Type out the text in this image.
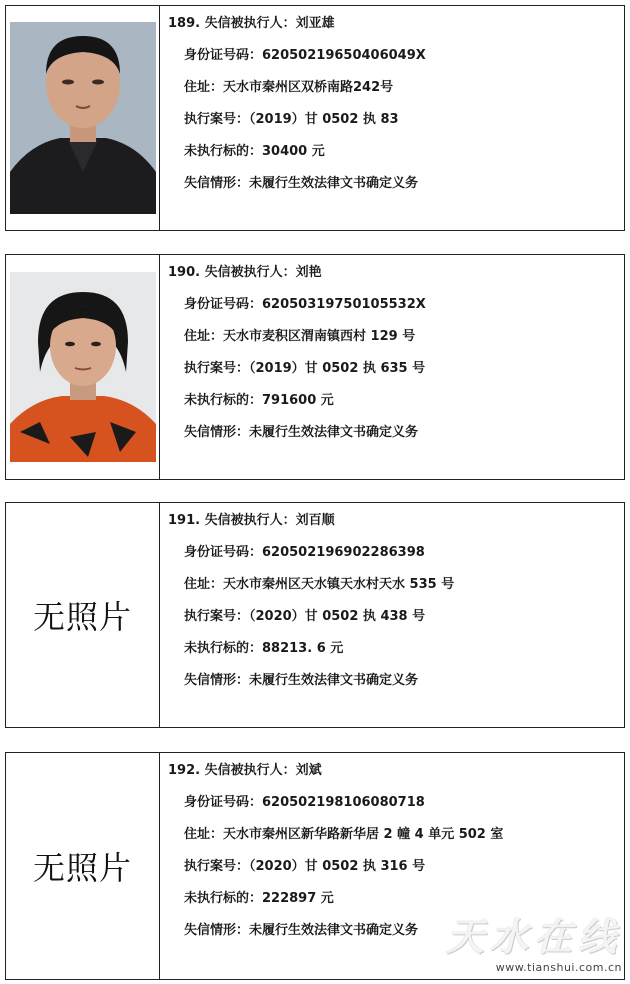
189. 失信被执行人：刘亚雄
身份证号码：620502196504060​49X
住址：天水市秦州区双桥南路242号
执行案号：（2019）甘 0502 执 83
未执行标的：30400 元
失信情形：未履行生效法律文书确定义务
190. 失信被执行人：刘艳
身份证号码：62050319750105532X
住址：天水市麦积区渭南镇西村 129 号
执行案号：（2019）甘 0502 执 635 号
未执行标的：791600 元
失信情形：未履行生效法律文书确定义务
无照片
191. 失信被执行人：刘百顺
身份证号码：620502196902286398
住址：天水市秦州区天水镇天水村天水 535 号
执行案号：（2020）甘 0502 执 438 号
未执行标的：88213. 6 元
失信情形：未履行生效法律文书确定义务
无照片
192. 失信被执行人：刘斌
身份证号码：620502198106080718
住址：天水市秦州区新华路新华居 2 幢 4 单元 502 室
执行案号：（2020）甘 0502 执 316 号
未执行标的：222897 元
失信情形：未履行生效法律文书确定义务 天水在线
www.tianshui.com.cn
